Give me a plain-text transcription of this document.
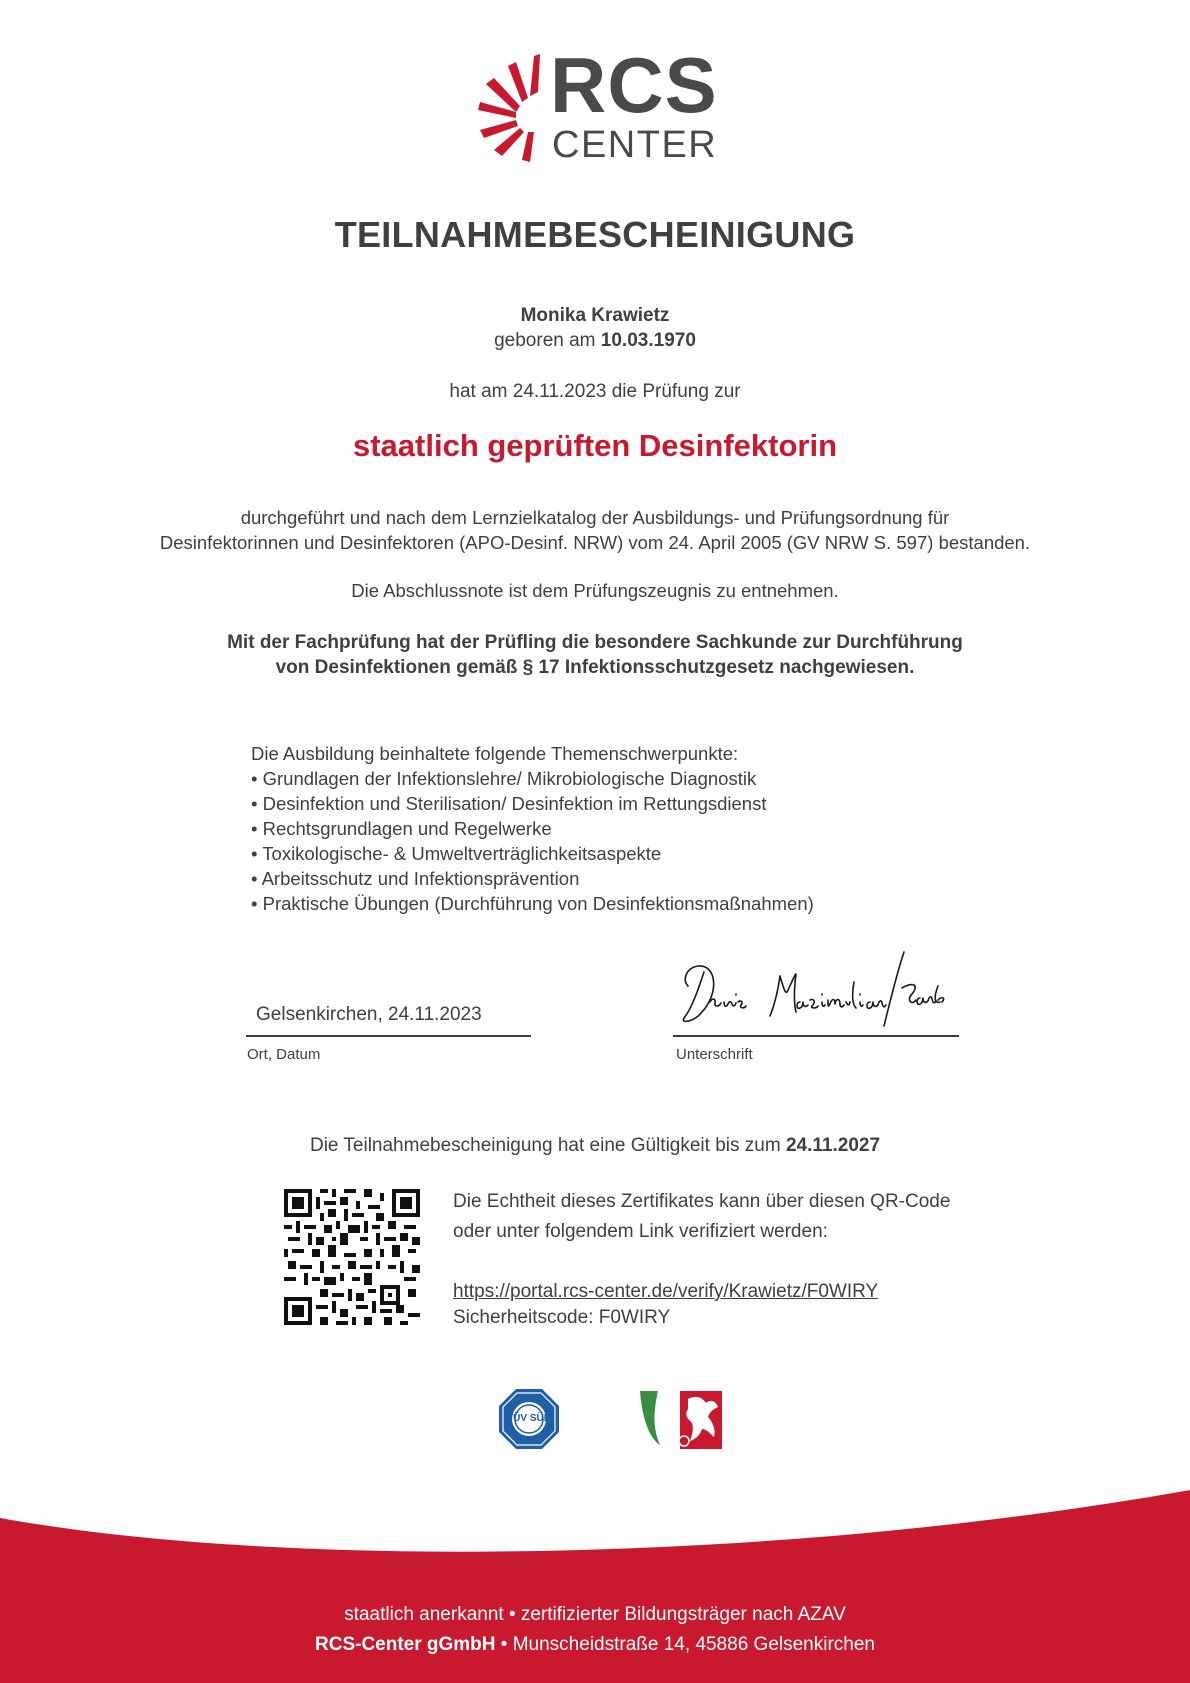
RCS
CENTER
TEILNAHMEBESCHEINIGUNG
Monika Krawietz
geboren am 10.03.1970
hat am 24.11.2023 die Prüfung zur
staatlich geprüften Desinfektorin
durchgeführt und nach dem Lernzielkatalog der Ausbildungs- und Prüfungsordnung für
Desinfektorinnen und Desinfektoren (APO-Desinf. NRW) vom 24. April 2005 (GV NRW S. 597) bestanden.
Die Abschlussnote ist dem Prüfungszeugnis zu entnehmen.
Mit der Fachprüfung hat der Prüfling die besondere Sachkunde zur Durchführung
von Desinfektionen gemäß § 17 Infektionsschutzgesetz nachgewiesen.
Die Ausbildung beinhaltete folgende Themenschwerpunkte:
• Grundlagen der Infektionslehre/ Mikrobiologische Diagnostik
• Desinfektion und Sterilisation/ Desinfektion im Rettungsdienst
• Rechtsgrundlagen und Regelwerke
• Toxikologische- & Umweltverträglichkeitsaspekte
• Arbeitsschutz und Infektionsprävention
• Praktische Übungen (Durchführung von Desinfektionsmaßnahmen)
Gelsenkirchen, 24.11.2023
Ort, Datum	Unterschrift
Die Teilnahmebescheinigung hat eine Gültigkeit bis zum 24.11.2027
Die Echtheit dieses Zertifikates kann über diesen QR-Code
oder unter folgendem Link verifiziert werden:
https://portal.rcs-center.de/verify/Krawietz/F0WIRY
Sicherheitscode: F0WIRY
TÜV SÜD
staatlich anerkannt • zertifizierter Bildungsträger nach AZAV
RCS-Center gGmbH • Munscheidstraße 14, 45886 Gelsenkirchen
